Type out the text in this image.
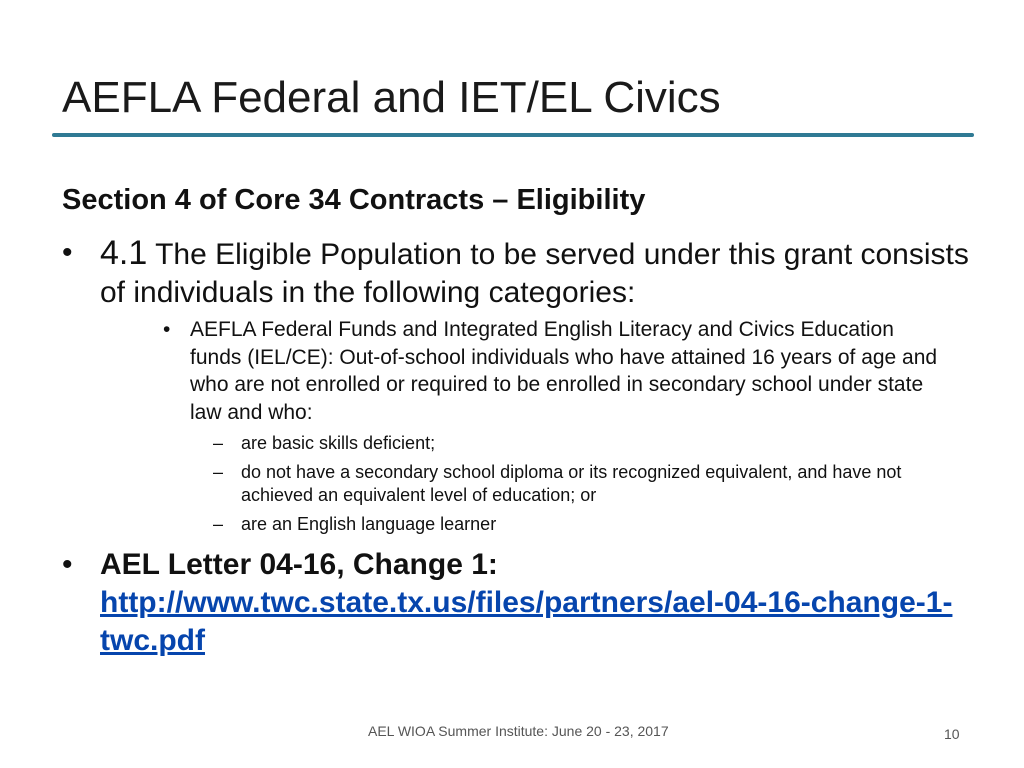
AEFLA Federal and IET/EL Civics
Section 4 of Core 34 Contracts – Eligibility
• 4.1 The Eligible Population to be served under this grant consists of individuals in the following categories:
• AEFLA Federal Funds and Integrated English Literacy and Civics Education funds (IEL/CE): Out-of-school individuals who have attained 16 years of age and who are not enrolled or required to be enrolled in secondary school under state law and who:
– are basic skills deficient;
– do not have a secondary school diploma or its recognized equivalent, and have not achieved an equivalent level of education; or
– are an English language learner
• AEL Letter 04-16, Change 1:
http://www.twc.state.tx.us/files/partners/ael-04-16-change-1-twc.pdf
AEL WIOA Summer Institute: June 20 - 23, 2017	10
